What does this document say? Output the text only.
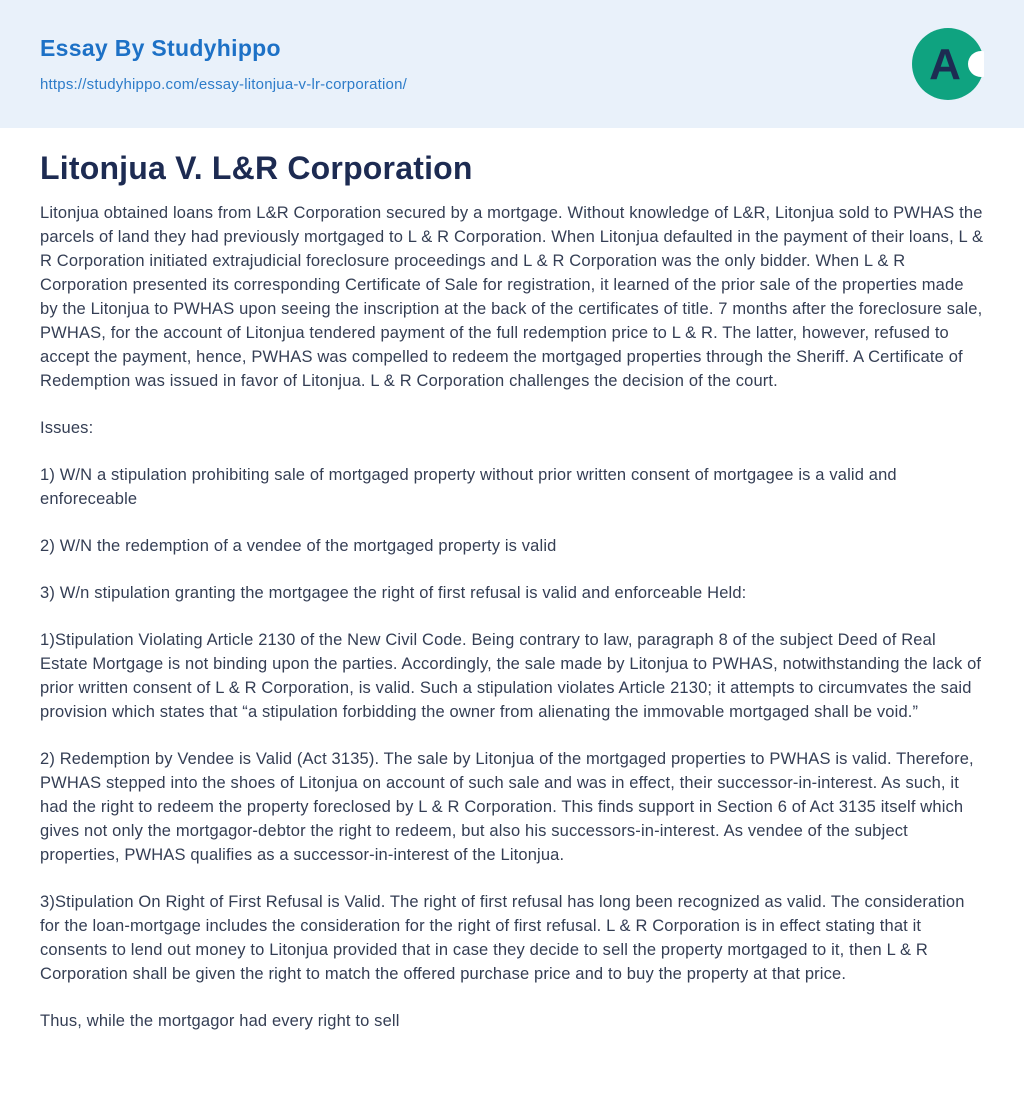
Essay By Studyhippo
https://studyhippo.com/essay-litonjua-v-lr-corporation/	A
Litonjua V. L&R Corporation

Litonjua obtained loans from L&R Corporation secured by a mortgage. Without knowledge of L&R, Litonjua sold to PWHAS the parcels of land they had previously mortgaged to L & R Corporation. When Litonjua defaulted in the payment of their loans, L & R Corporation initiated extrajudicial foreclosure proceedings and L & R Corporation was the only bidder. When L & R Corporation presented its corresponding Certificate of Sale for registration, it learned of the prior sale of the properties made by the Litonjua to PWHAS upon seeing the inscription at the back of the certificates of title. 7 months after the foreclosure sale, PWHAS, for the account of Litonjua tendered payment of the full redemption price to L & R. The latter, however, refused to accept the payment, hence, PWHAS was compelled to redeem the mortgaged properties through the Sheriff. A Certificate of Redemption was issued in favor of Litonjua. L & R Corporation challenges the decision of the court.

Issues:

1) W/N a stipulation prohibiting sale of mortgaged property without prior written consent of mortgagee is a valid and enforeceable

2) W/N the redemption of a vendee of the mortgaged property is valid

3) W/n stipulation granting the mortgagee the right of first refusal is valid and enforceable Held:

1)Stipulation Violating Article 2130 of the New Civil Code. Being contrary to law, paragraph 8 of the subject Deed of Real Estate Mortgage is not binding upon the parties. Accordingly, the sale made by Litonjua to PWHAS, notwithstanding the lack of prior written consent of L & R Corporation, is valid. Such a stipulation violates Article 2130; it attempts to circumvates the said provision which states that “a stipulation forbidding the owner from alienating the immovable mortgaged shall be void.”

2) Redemption by Vendee is Valid (Act 3135). The sale by Litonjua of the mortgaged properties to PWHAS is valid. Therefore, PWHAS stepped into the shoes of Litonjua on account of such sale and was in effect, their successor-in-interest. As such, it had the right to redeem the property foreclosed by L & R Corporation. This finds support in Section 6 of Act 3135 itself which gives not only the mortgagor-debtor the right to redeem, but also his successors-in-interest. As vendee of the subject properties, PWHAS qualifies as a successor-in-interest of the Litonjua.

3)Stipulation On Right of First Refusal is Valid. The right of first refusal has long been recognized as valid. The consideration for the loan-mortgage includes the consideration for the right of first refusal. L & R Corporation is in effect stating that it consents to lend out money to Litonjua provided that in case they decide to sell the property mortgaged to it, then L & R Corporation shall be given the right to match the offered purchase price and to buy the property at that price.

Thus, while the mortgagor had every right to sell
